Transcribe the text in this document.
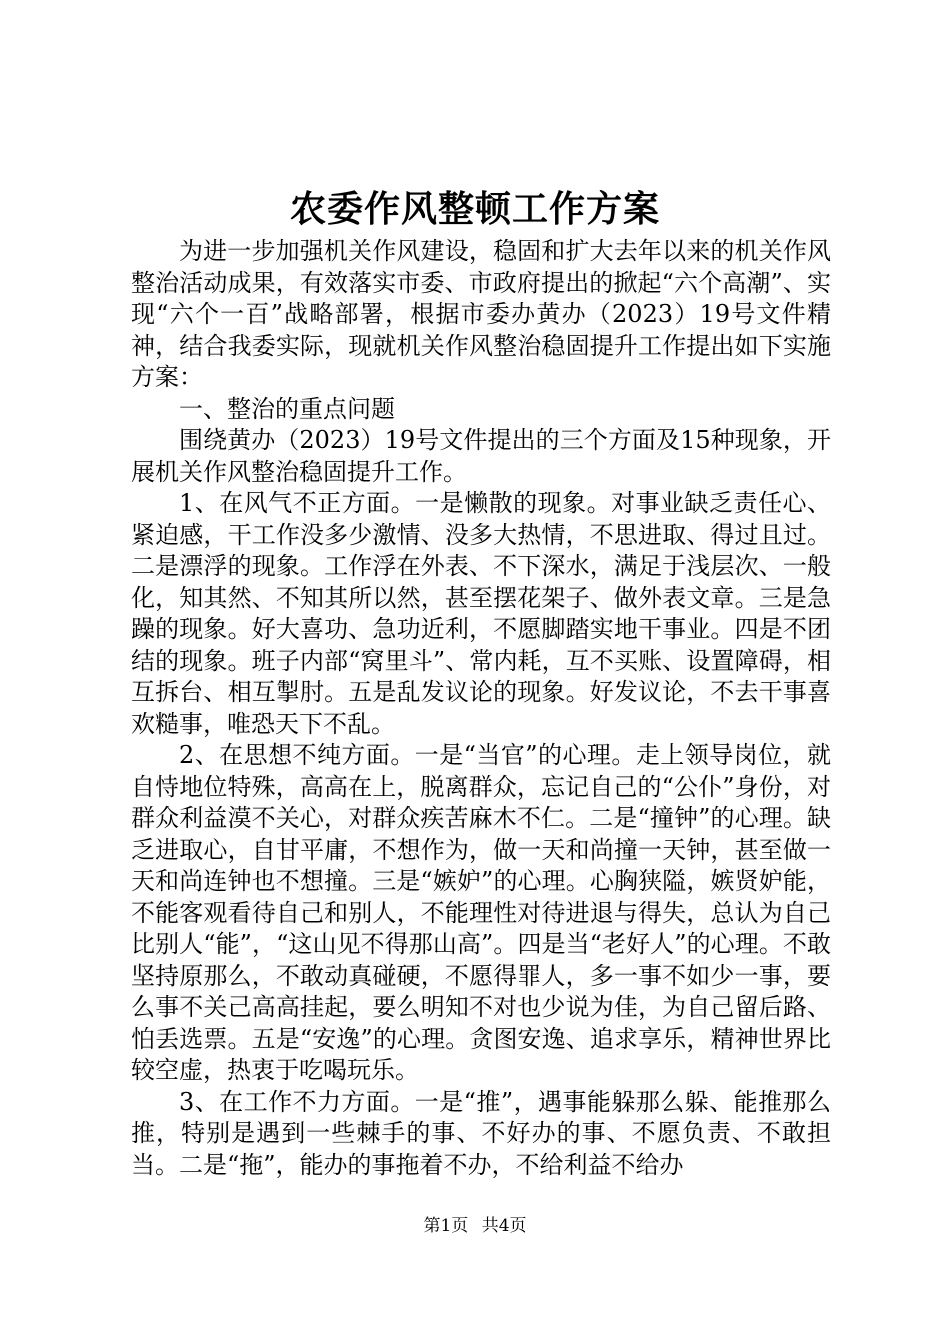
农委作风整顿工作方案

为进一步加强机关作风建设，稳固和扩大去年以来的机关作风整治活动成果，有效落实市委、市政府提出的掀起“六个高潮”、实现“六个一百”战略部署，根据市委办黄办（2023）19号文件精神，结合我委实际，现就机关作风整治稳固提升工作提出如下实施方案：

一、整治的重点问题

围绕黄办（2023）19号文件提出的三个方面及15种现象，开展机关作风整治稳固提升工作。

1、在风气不正方面。一是懒散的现象。对事业缺乏责任心、紧迫感，干工作没多少激情、没多大热情，不思进取、得过且过。二是漂浮的现象。工作浮在外表、不下深水，满足于浅层次、一般化，知其然、不知其所以然，甚至摆花架子、做外表文章。三是急躁的现象。好大喜功、急功近利，不愿脚踏实地干事业。四是不团结的现象。班子内部“窝里斗”、常内耗，互不买账、设置障碍，相互拆台、相互掣肘。五是乱发议论的现象。好发议论，不去干事喜欢糙事，唯恐天下不乱。

2、在思想不纯方面。一是“当官”的心理。走上领导岗位，就自恃地位特殊，高高在上，脱离群众，忘记自己的“公仆”身份，对群众利益漠不关心，对群众疾苦麻木不仁。二是“撞钟”的心理。缺乏进取心，自甘平庸，不想作为，做一天和尚撞一天钟，甚至做一天和尚连钟也不想撞。三是“嫉妒”的心理。心胸狭隘，嫉贤妒能，不能客观看待自己和别人，不能理性对待进退与得失，总认为自己比别人“能”，“这山见不得那山高”。四是当“老好人”的心理。不敢坚持原那么，不敢动真碰硬，不愿得罪人，多一事不如少一事，要么事不关己高高挂起，要么明知不对也少说为佳，为自己留后路、怕丢选票。五是“安逸”的心理。贪图安逸、追求享乐，精神世界比较空虚，热衷于吃喝玩乐。

3、在工作不力方面。一是“推”，遇事能躲那么躲、能推那么推，特别是遇到一些棘手的事、不好办的事、不愿负责、不敢担当。二是“拖”，能办的事拖着不办，不给利益不给办

第1页 共4页
